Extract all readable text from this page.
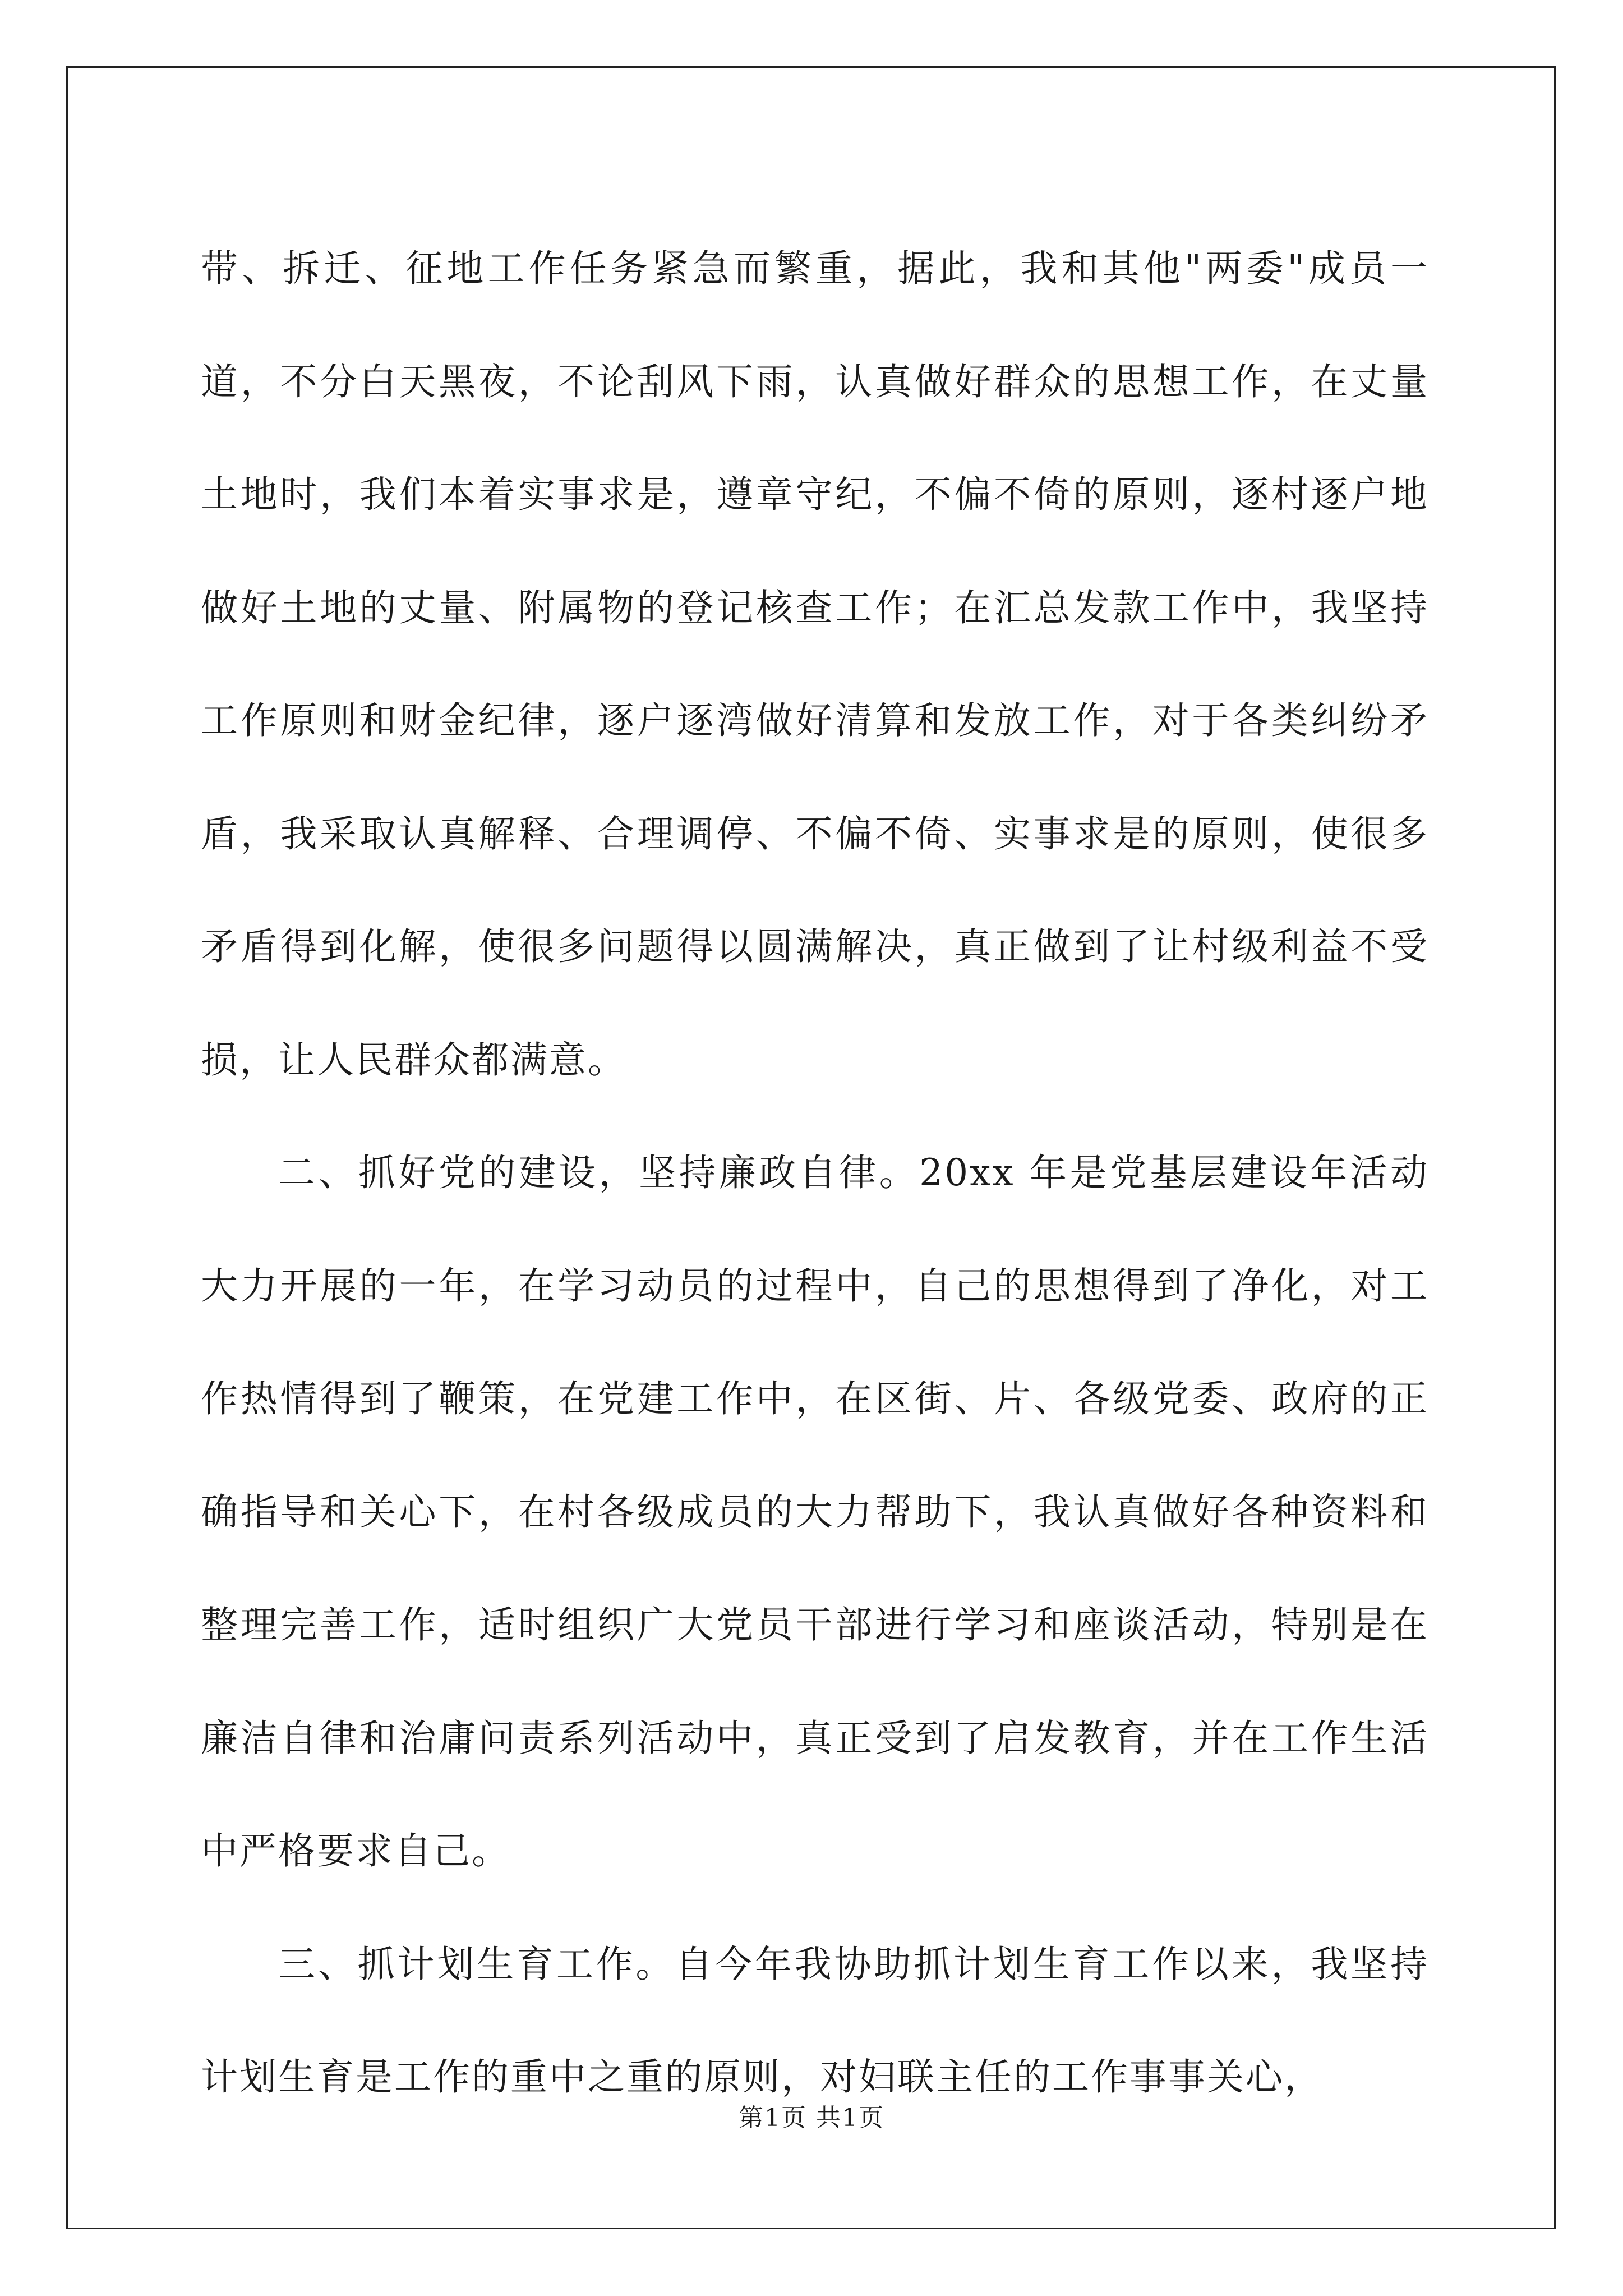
带、拆迁、征地工作任务紧急而繁重，据此，我和其他"两委"成员一道，不分白天黑夜，不论刮风下雨，认真做好群众的思想工作，在丈量土地时，我们本着实事求是，遵章守纪，不偏不倚的原则，逐村逐户地做好土地的丈量、附属物的登记核查工作；在汇总发款工作中，我坚持工作原则和财金纪律，逐户逐湾做好清算和发放工作，对于各类纠纷矛盾，我采取认真解释、合理调停、不偏不倚、实事求是的原则，使很多矛盾得到化解，使很多问题得以圆满解决，真正做到了让村级利益不受损，让人民群众都满意。

二、抓好党的建设，坚持廉政自律。20xx 年是党基层建设年活动大力开展的一年，在学习动员的过程中，自己的思想得到了净化，对工作热情得到了鞭策，在党建工作中，在区街、片、各级党委、政府的正确指导和关心下，在村各级成员的大力帮助下，我认真做好各种资料和整理完善工作，适时组织广大党员干部进行学习和座谈活动，特别是在廉洁自律和治庸问责系列活动中，真正受到了启发教育，并在工作生活中严格要求自己。

三、抓计划生育工作。自今年我协助抓计划生育工作以来，我坚持计划生育是工作的重中之重的原则，对妇联主任的工作事事关心，

第1页 共1页
